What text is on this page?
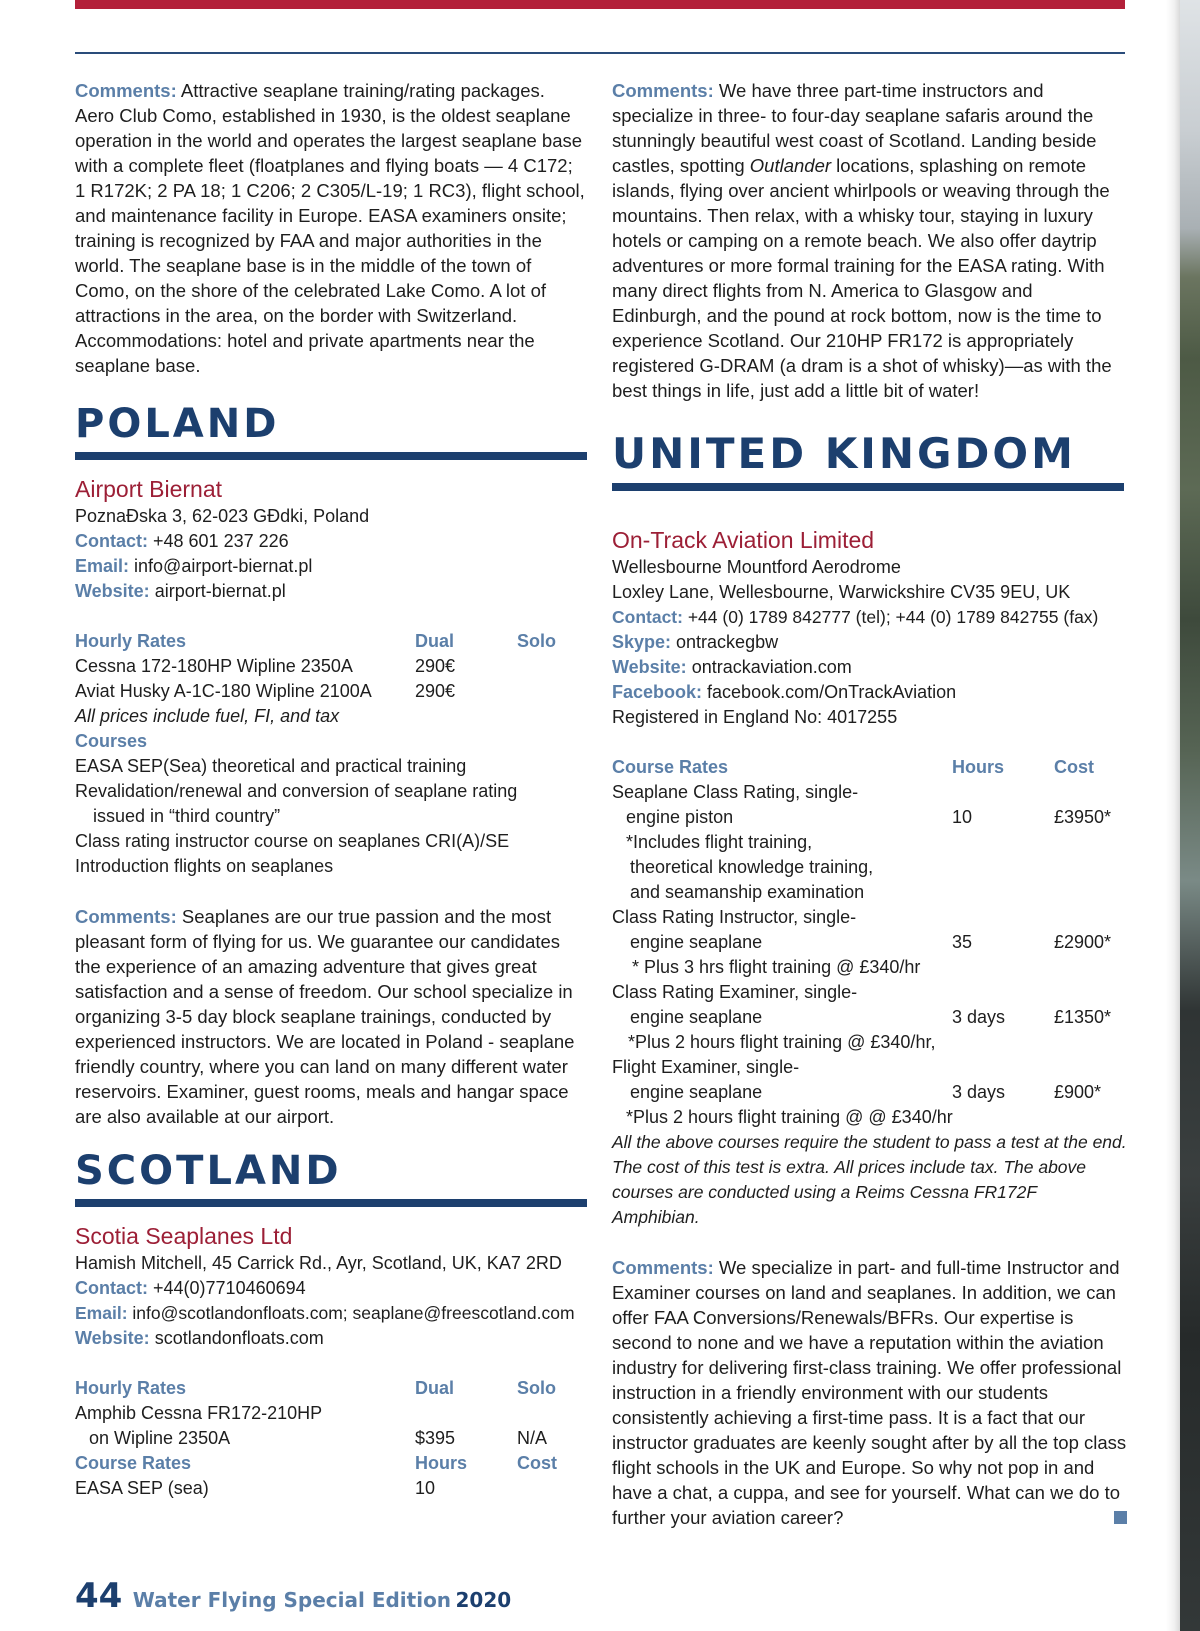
Comments: Attractive seaplane training/rating packages. Aero Club Como, established in 1930, is the oldest seaplane operation in the world and operates the largest seaplane base with a complete fleet (floatplanes and flying boats — 4 C172; 1 R172K; 2 PA 18; 1 C206; 2 C305/L-19; 1 RC3), flight school, and maintenance facility in Europe. EASA examiners onsite; training is recognized by FAA and major authorities in the world. The seaplane base is in the middle of the town of Como, on the shore of the celebrated Lake Como. A lot of attractions in the area, on the border with Switzerland. Accommodations: hotel and private apartments near the seaplane base.

POLAND
Airport Biernat

PoznaĐska 3, 62-023 GĐdki, Poland

Contact: +48 601 237 226

Email: info@airport-biernat.pl

Website: airport-biernat.pl

Hourly Rates	Dual	Solo
Cessna 172-180HP Wipline 2350A	290€	
Aviat Husky A-1C-180 Wipline 2100A	290€	

All prices include fuel, FI, and tax

Courses

EASA SEP(Sea) theoretical and practical training

Revalidation/renewal and conversion of seaplane rating

issued in “third country”

Class rating instructor course on seaplanes CRI(A)/SE

Introduction flights on seaplanes

Comments: Seaplanes are our true passion and the most pleasant form of flying for us. We guarantee our candidates the experience of an amazing adventure that gives great satisfaction and a sense of freedom. Our school specialize in organizing 3-5 day block seaplane trainings, conducted by experienced instructors. We are located in Poland - seaplane friendly country, where you can land on many different water reservoirs. Examiner, guest rooms, meals and hangar space are also available at our airport.

SCOTLAND
Scotia Seaplanes Ltd

Hamish Mitchell, 45 Carrick Rd., Ayr, Scotland, UK, KA7 2RD

Contact: +44(0)7710460694

Email: info@scotlandonfloats.com; seaplane@freescotland.com

Website: scotlandonfloats.com

Hourly Rates	Dual	Solo
Amphib Cessna FR172-210HP		
on Wipline 2350A	$395	N/A
Course Rates	Hours	Cost
EASA SEP (sea)	10	

Comments: We have three part-time instructors and specialize in three- to four-day seaplane safaris around the stunningly beautiful west coast of Scotland. Landing beside castles, spotting Outlander locations, splashing on remote islands, flying over ancient whirlpools or weaving through the mountains. Then relax, with a whisky tour, staying in luxury hotels or camping on a remote beach. We also offer daytrip adventures or more formal training for the EASA rating. With many direct flights from N. America to Glasgow and Edinburgh, and the pound at rock bottom, now is the time to experience Scotland. Our 210HP FR172 is appropriately registered G-DRAM (a dram is a shot of whisky)—as with the best things in life, just add a little bit of water!

UNITED KINGDOM
On-Track Aviation Limited

Wellesbourne Mountford Aerodrome

Loxley Lane, Wellesbourne, Warwickshire CV35 9EU, UK

Contact: +44 (0) 1789 842777 (tel); +44 (0) 1789 842755 (fax)

Skype: ontrackegbw

Website: ontrackaviation.com

Facebook: facebook.com/OnTrackAviation

Registered in England No: 4017255

Course Rates	Hours	Cost
Seaplane Class Rating, single-		
engine piston	10	£3950*
*Includes flight training,		
theoretical knowledge training,		
and seamanship examination		
Class Rating Instructor, single-		
engine seaplane	35	£2900*
* Plus 3 hrs flight training @ £340/hr		
Class Rating Examiner, single-		
engine seaplane	3 days	£1350*
*Plus 2 hours flight training @ £340/hr,		
Flight Examiner, single-		
engine seaplane	3 days	£900*
*Plus 2 hours flight training @ @ £340/hr		

All the above courses require the student to pass a test at the end. The cost of this test is extra. All prices include tax. The above courses are conducted using a Reims Cessna FR172F Amphibian.

Comments: We specialize in part- and full-time Instructor and Examiner courses on land and seaplanes. In addition, we can offer FAA Conversions/Renewals/BFRs. Our expertise is second to none and we have a reputation within the aviation industry for delivering first-class training. We offer professional instruction in a friendly environment with our students consistently achieving a first-time pass. It is a fact that our instructor graduates are keenly sought after by all the top class flight schools in the UK and Europe. So why not pop in and have a chat, a cuppa, and see for yourself. What can we do to further your aviation career?

44 Water Flying Special Edition 2020
